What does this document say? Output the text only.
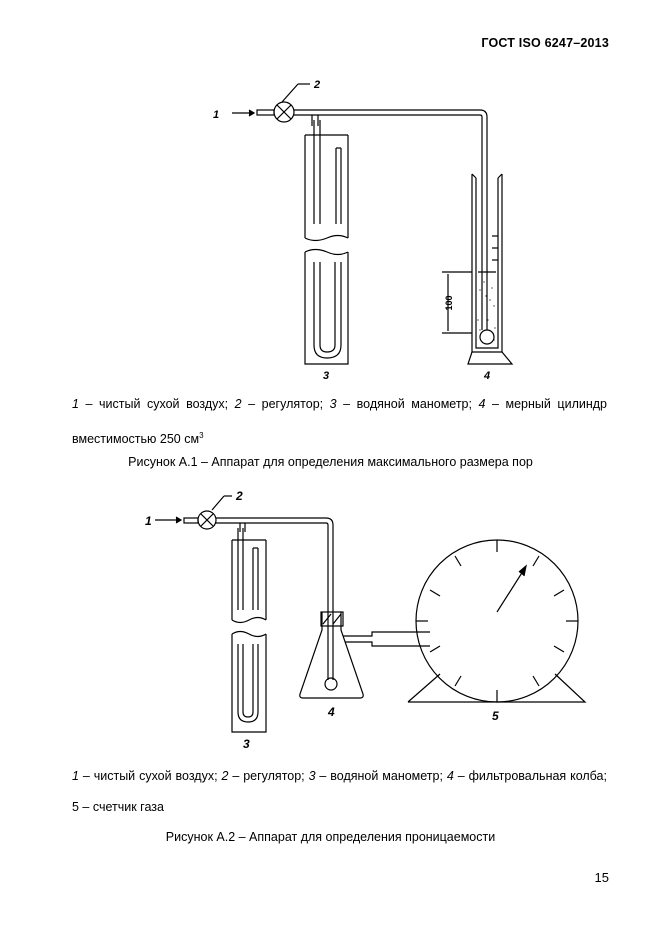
ГОСТ ISO 6247–2013
1
2
3	4
100
1 – чистый сухой воздух; 2 – регулятор; 3 – водяной манометр; 4 – мерный цилиндр вместимостью 250 $см^3$
Рисунок А.1 – Аппарат для определения максимального размера пор
1
2
3
4	5
1 – чистый сухой воздух; 2 – регулятор; 3 – водяной манометр; 4 – фильтровальная колба; 5 – счетчик газа
Рисунок А.2 – Аппарат для определения проницаемости
15
